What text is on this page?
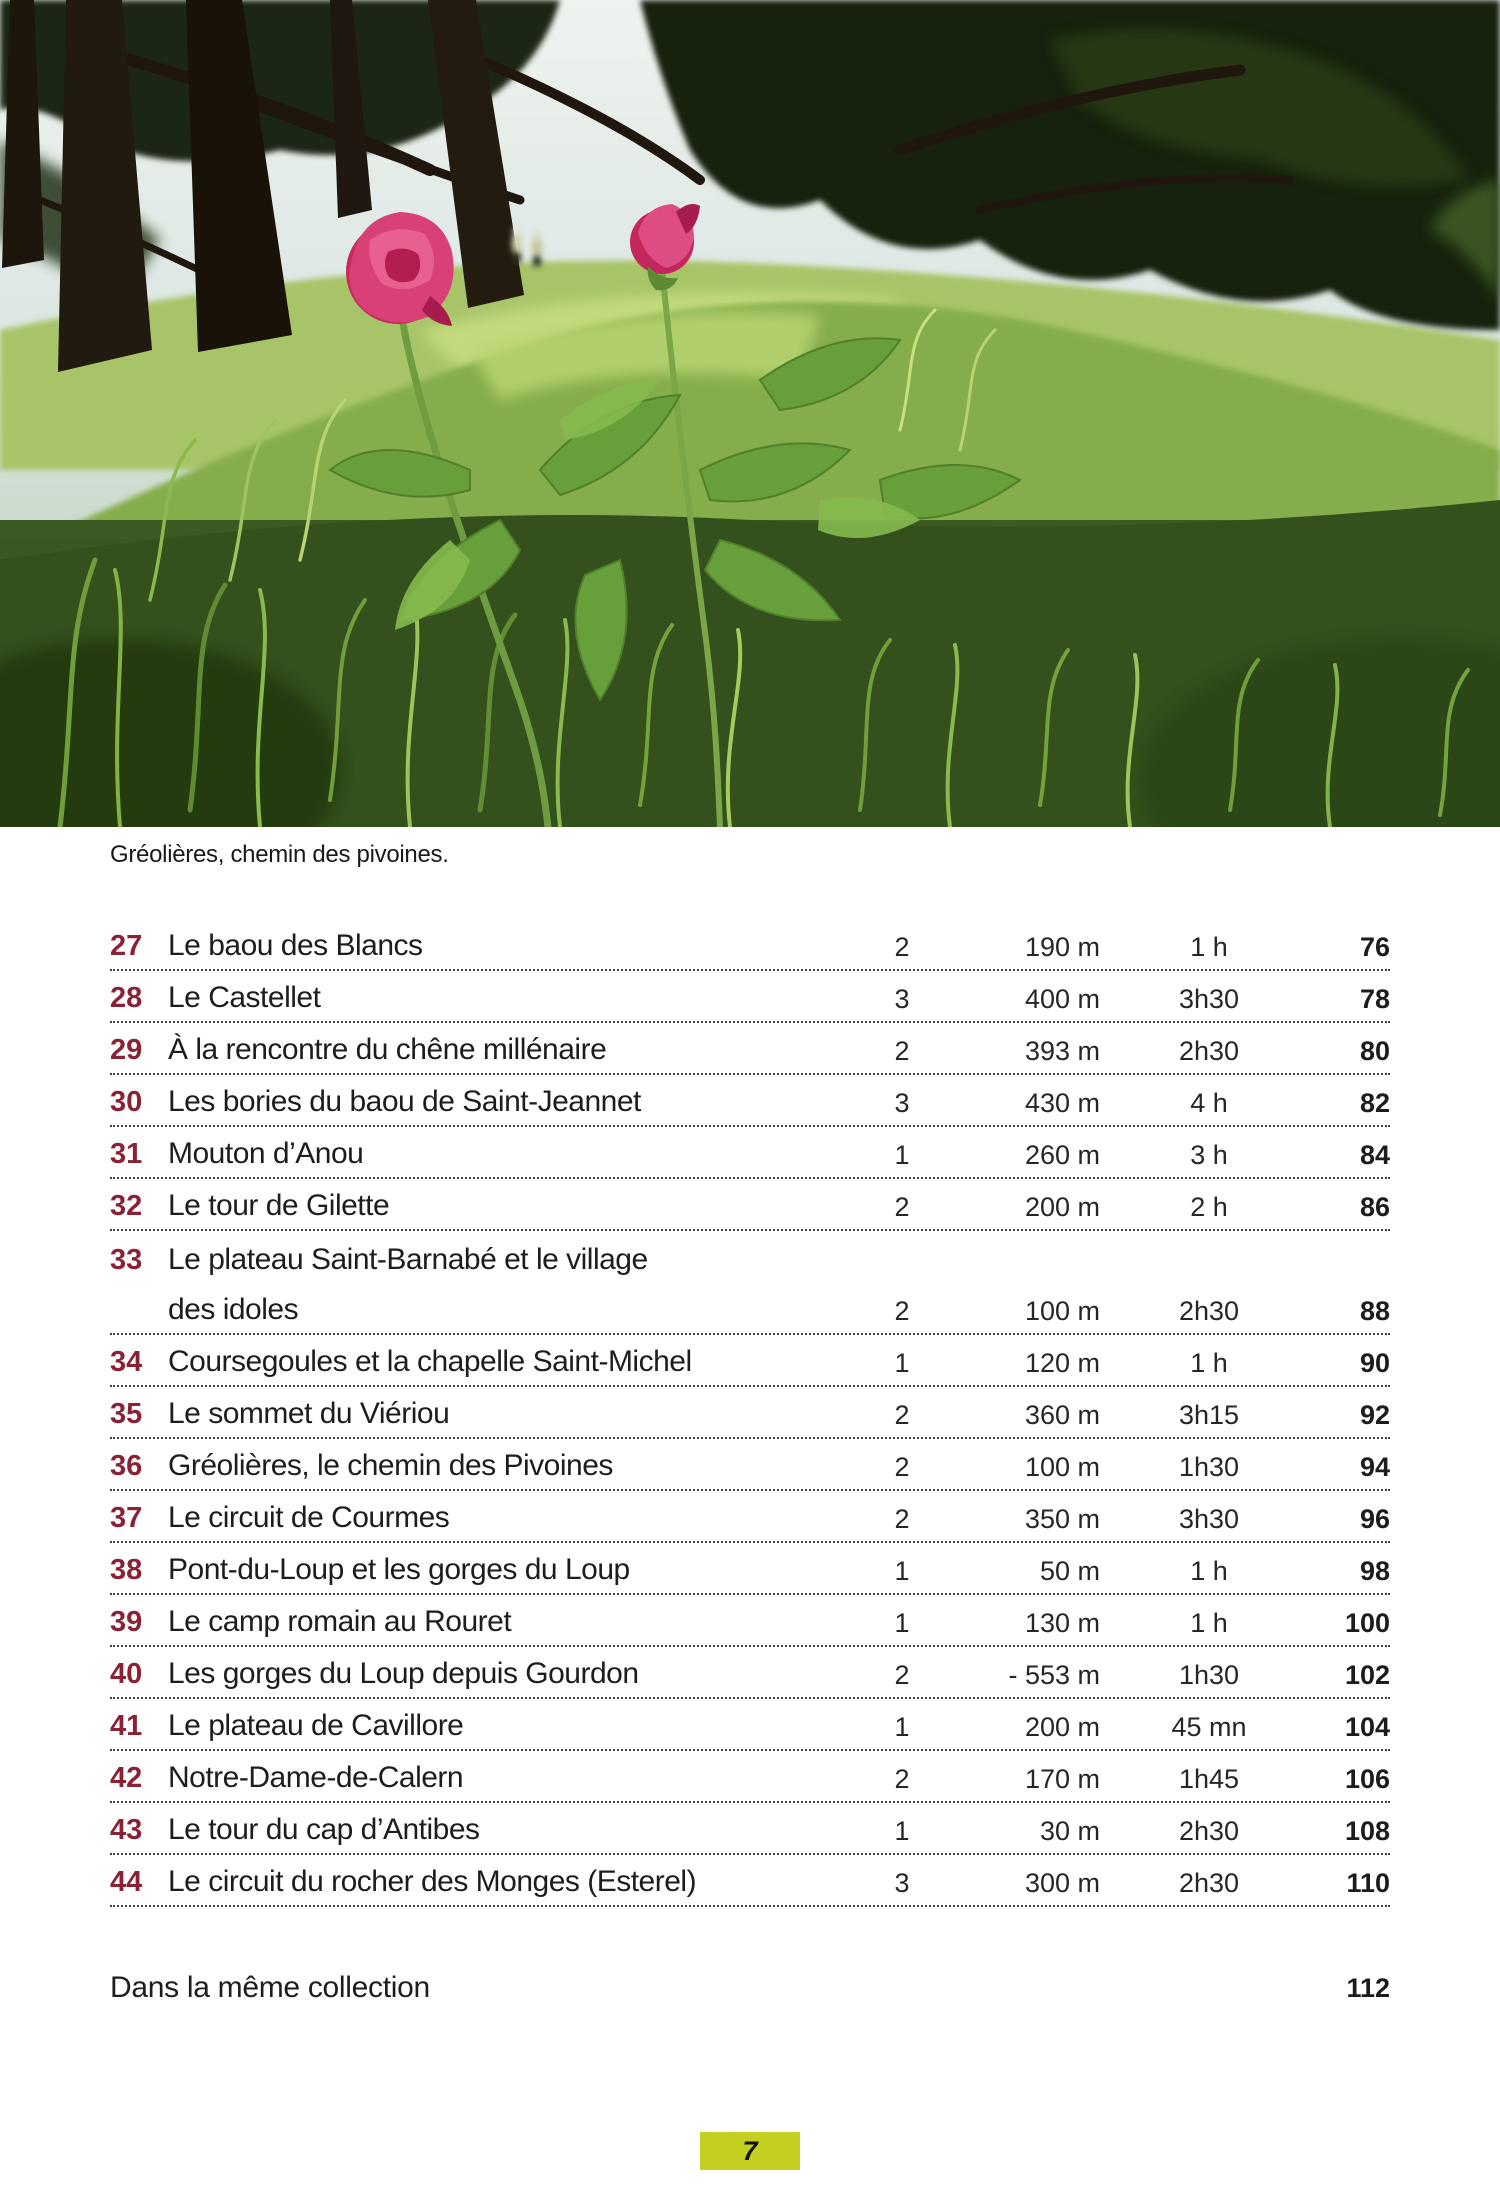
Gréolières, chemin des pivoines.
27 Le baou des Blancs	2	190 m	1 h	76
28 Le Castellet	3	400 m	3h30	78
29 À la rencontre du chêne millénaire	2	393 m	2h30	80
30 Les bories du baou de Saint-Jeannet	3	430 m	4 h	82
31 Mouton d’Anou	1	260 m	3 h	84
32 Le tour de Gilette	2	200 m	2 h	86
33 Le plateau Saint-Barnabé et le village
des idoles	2	100 m	2h30	88
34 Coursegoules et la chapelle Saint-Michel	1	120 m	1 h	90
35 Le sommet du Viériou	2	360 m	3h15	92
36 Gréolières, le chemin des Pivoines	2	100 m	1h30	94
37 Le circuit de Courmes	2	350 m	3h30	96
38 Pont-du-Loup et les gorges du Loup	1	50 m	1 h	98
39 Le camp romain au Rouret	1	130 m	1 h	100
40 Les gorges du Loup depuis Gourdon	2	- 553 m	1h30	102
41 Le plateau de Cavillore	1	200 m	45 mn	104
42 Notre-Dame-de-Calern	2	170 m	1h45	106
43 Le tour du cap d’Antibes	1	30 m	2h30	108
44 Le circuit du rocher des Monges (Esterel)	3	300 m	2h30	110
Dans la même collection	112
7
